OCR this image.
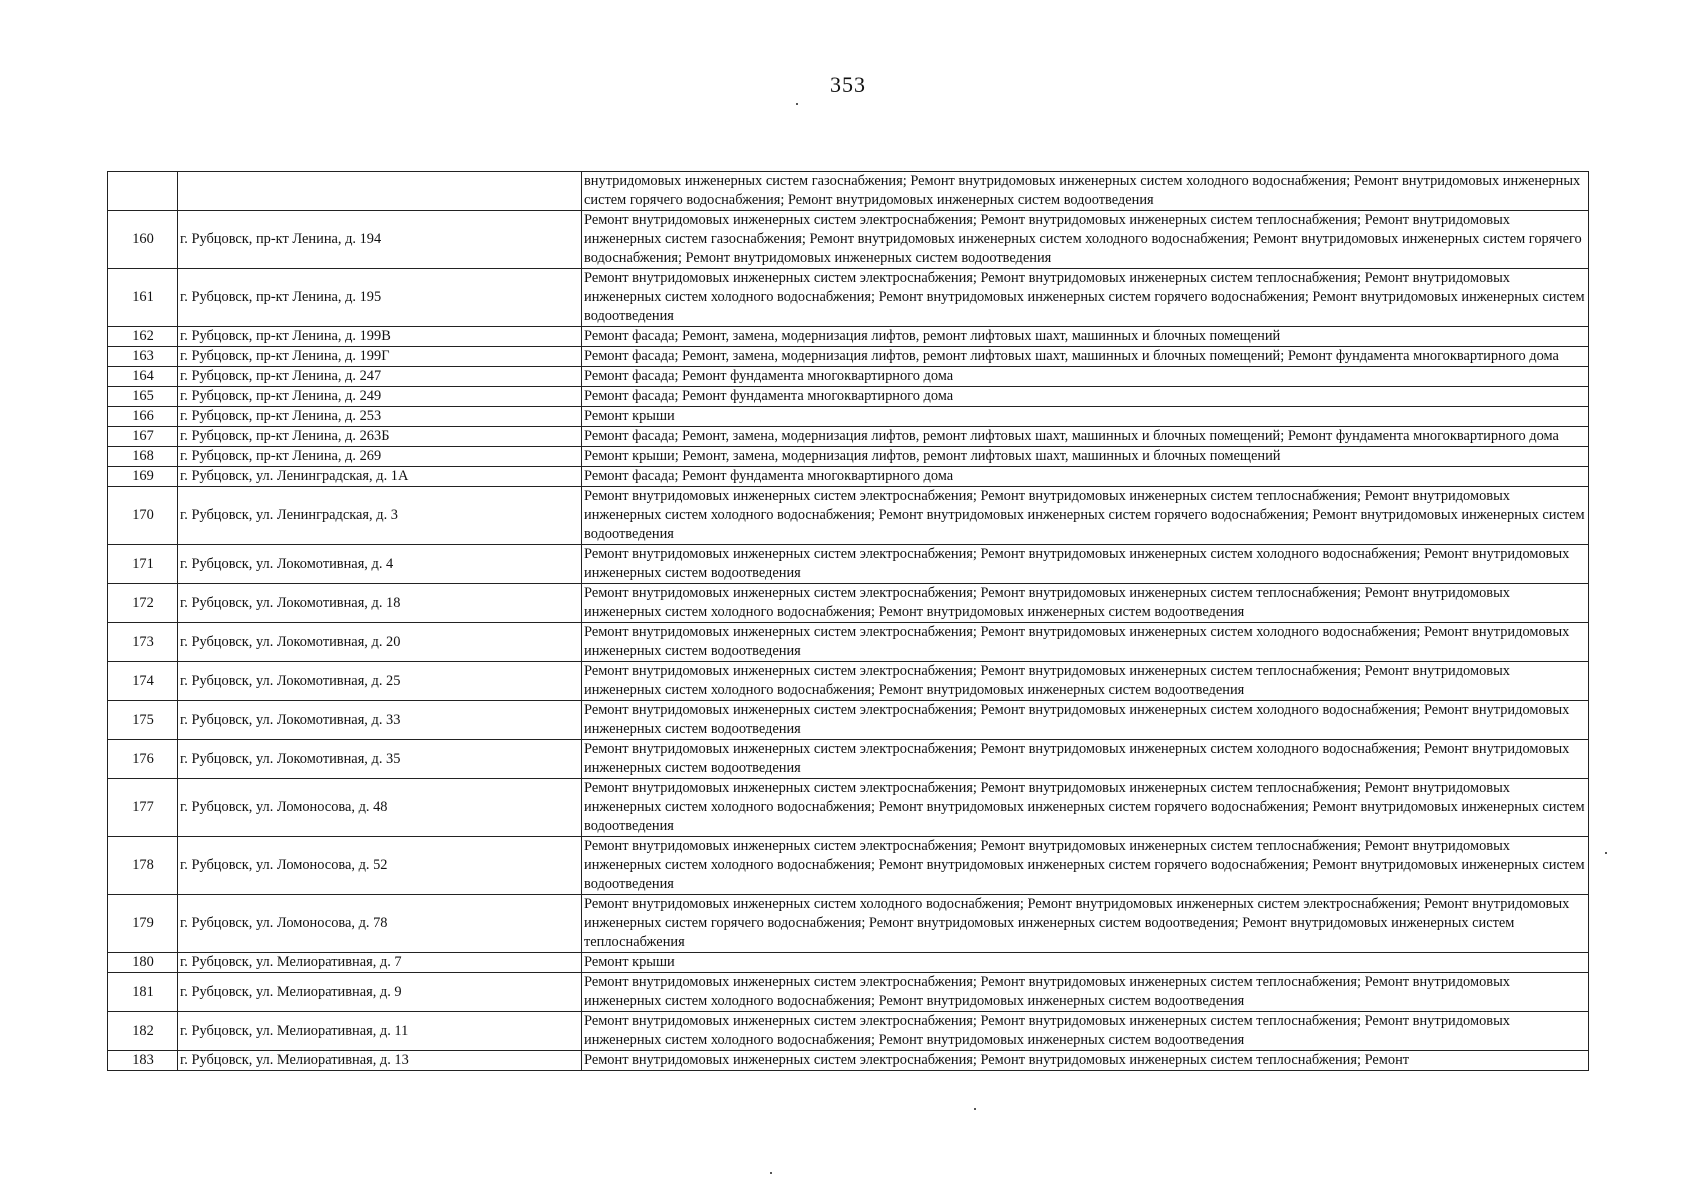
353
		внутридомовых инженерных систем газоснабжения; Ремонт внутридомовых инженерных систем холодного водоснабжения; Ремонт внутридомовых инженерных систем горячего водоснабжения; Ремонт внутридомовых инженерных систем водоотведения
160	г. Рубцовск, пр-кт Ленина, д. 194	Ремонт внутридомовых инженерных систем электроснабжения; Ремонт внутридомовых инженерных систем теплоснабжения; Ремонт внутридомовых инженерных систем газоснабжения; Ремонт внутридомовых инженерных систем холодного водоснабжения; Ремонт внутридомовых инженерных систем горячего водоснабжения; Ремонт внутридомовых инженерных систем водоотведения
161	г. Рубцовск, пр-кт Ленина, д. 195	Ремонт внутридомовых инженерных систем электроснабжения; Ремонт внутридомовых инженерных систем теплоснабжения; Ремонт внутридомовых инженерных систем холодного водоснабжения; Ремонт внутридомовых инженерных систем горячего водоснабжения; Ремонт внутридомовых инженерных систем водоотведения
162	г. Рубцовск, пр-кт Ленина, д. 199В	Ремонт фасада; Ремонт, замена, модернизация лифтов, ремонт лифтовых шахт, машинных и блочных помещений
163	г. Рубцовск, пр-кт Ленина, д. 199Г	Ремонт фасада; Ремонт, замена, модернизация лифтов, ремонт лифтовых шахт, машинных и блочных помещений; Ремонт фундамента многоквартирного дома
164	г. Рубцовск, пр-кт Ленина, д. 247	Ремонт фасада; Ремонт фундамента многоквартирного дома
165	г. Рубцовск, пр-кт Ленина, д. 249	Ремонт фасада; Ремонт фундамента многоквартирного дома
166	г. Рубцовск, пр-кт Ленина, д. 253	Ремонт крыши
167	г. Рубцовск, пр-кт Ленина, д. 263Б	Ремонт фасада; Ремонт, замена, модернизация лифтов, ремонт лифтовых шахт, машинных и блочных помещений; Ремонт фундамента многоквартирного дома
168	г. Рубцовск, пр-кт Ленина, д. 269	Ремонт крыши; Ремонт, замена, модернизация лифтов, ремонт лифтовых шахт, машинных и блочных помещений
169	г. Рубцовск, ул. Ленинградская, д. 1А	Ремонт фасада; Ремонт фундамента многоквартирного дома
170	г. Рубцовск, ул. Ленинградская, д. 3	Ремонт внутридомовых инженерных систем электроснабжения; Ремонт внутридомовых инженерных систем теплоснабжения; Ремонт внутридомовых инженерных систем холодного водоснабжения; Ремонт внутридомовых инженерных систем горячего водоснабжения; Ремонт внутридомовых инженерных систем водоотведения
171	г. Рубцовск, ул. Локомотивная, д. 4	Ремонт внутридомовых инженерных систем электроснабжения; Ремонт внутридомовых инженерных систем холодного водоснабжения; Ремонт внутридомовых инженерных систем водоотведения
172	г. Рубцовск, ул. Локомотивная, д. 18	Ремонт внутридомовых инженерных систем электроснабжения; Ремонт внутридомовых инженерных систем теплоснабжения; Ремонт внутридомовых инженерных систем холодного водоснабжения; Ремонт внутридомовых инженерных систем водоотведения
173	г. Рубцовск, ул. Локомотивная, д. 20	Ремонт внутридомовых инженерных систем электроснабжения; Ремонт внутридомовых инженерных систем холодного водоснабжения; Ремонт внутридомовых инженерных систем водоотведения
174	г. Рубцовск, ул. Локомотивная, д. 25	Ремонт внутридомовых инженерных систем электроснабжения; Ремонт внутридомовых инженерных систем теплоснабжения; Ремонт внутридомовых инженерных систем холодного водоснабжения; Ремонт внутридомовых инженерных систем водоотведения
175	г. Рубцовск, ул. Локомотивная, д. 33	Ремонт внутридомовых инженерных систем электроснабжения; Ремонт внутридомовых инженерных систем холодного водоснабжения; Ремонт внутридомовых инженерных систем водоотведения
176	г. Рубцовск, ул. Локомотивная, д. 35	Ремонт внутридомовых инженерных систем электроснабжения; Ремонт внутридомовых инженерных систем холодного водоснабжения; Ремонт внутридомовых инженерных систем водоотведения
177	г. Рубцовск, ул. Ломоносова, д. 48	Ремонт внутридомовых инженерных систем электроснабжения; Ремонт внутридомовых инженерных систем теплоснабжения; Ремонт внутридомовых инженерных систем холодного водоснабжения; Ремонт внутридомовых инженерных систем горячего водоснабжения; Ремонт внутридомовых инженерных систем водоотведения
178	г. Рубцовск, ул. Ломоносова, д. 52	Ремонт внутридомовых инженерных систем электроснабжения; Ремонт внутридомовых инженерных систем теплоснабжения; Ремонт внутридомовых инженерных систем холодного водоснабжения; Ремонт внутридомовых инженерных систем горячего водоснабжения; Ремонт внутридомовых инженерных систем водоотведения
179	г. Рубцовск, ул. Ломоносова, д. 78	Ремонт внутридомовых инженерных систем холодного водоснабжения; Ремонт внутридомовых инженерных систем электроснабжения; Ремонт внутридомовых инженерных систем горячего водоснабжения; Ремонт внутридомовых инженерных систем водоотведения; Ремонт внутридомовых инженерных систем теплоснабжения
180	г. Рубцовск, ул. Мелиоративная, д. 7	Ремонт крыши
181	г. Рубцовск, ул. Мелиоративная, д. 9	Ремонт внутридомовых инженерных систем электроснабжения; Ремонт внутридомовых инженерных систем теплоснабжения; Ремонт внутридомовых инженерных систем холодного водоснабжения; Ремонт внутридомовых инженерных систем водоотведения
182	г. Рубцовск, ул. Мелиоративная, д. 11	Ремонт внутридомовых инженерных систем электроснабжения; Ремонт внутридомовых инженерных систем теплоснабжения; Ремонт внутридомовых инженерных систем холодного водоснабжения; Ремонт внутридомовых инженерных систем водоотведения
183	г. Рубцовск, ул. Мелиоративная, д. 13	Ремонт внутридомовых инженерных систем электроснабжения; Ремонт внутридомовых инженерных систем теплоснабжения; Ремонт
